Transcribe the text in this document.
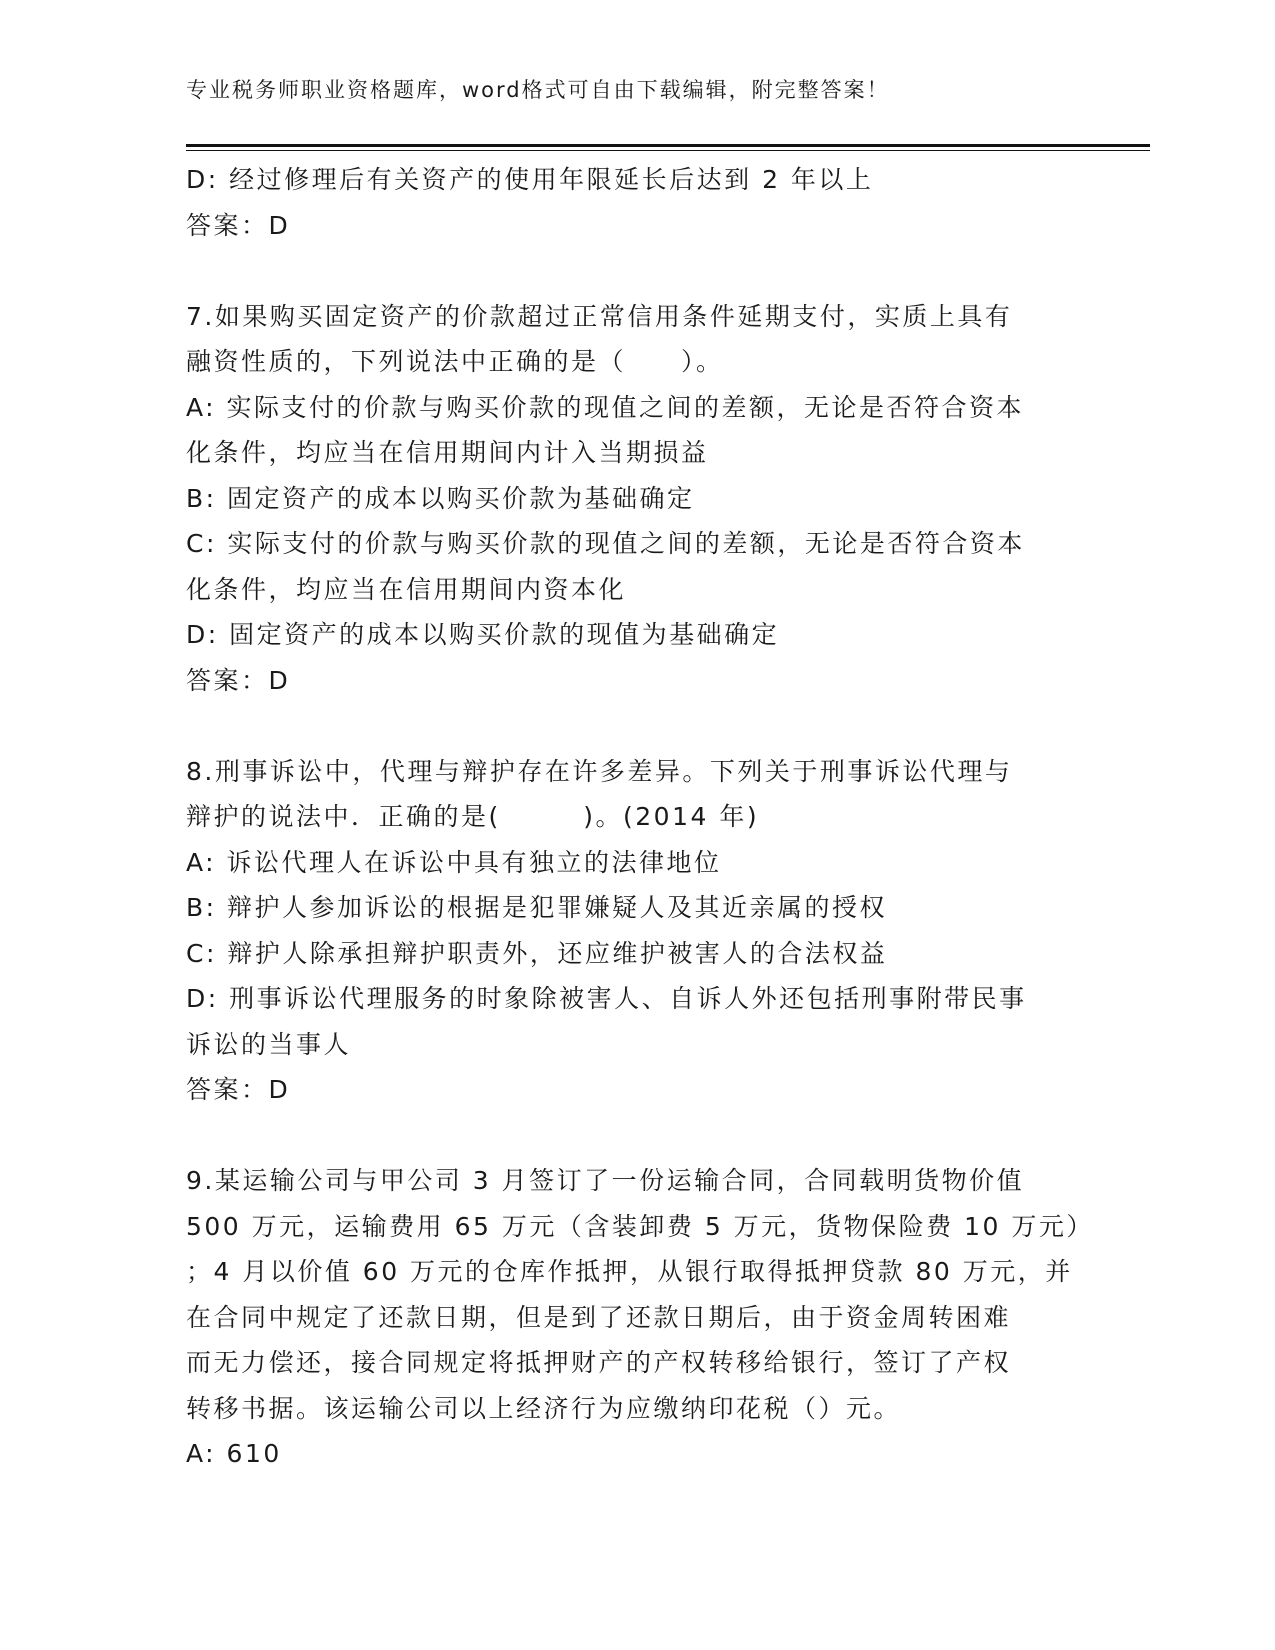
专业税务师职业资格题库，word格式可自由下载编辑，附完整答案！
D: 经过修理后有关资产的使用年限延长后达到 2 年以上
答案：D
7.如果购买固定资产的价款超过正常信用条件延期支付，实质上具有
融资性质的，下列说法中正确的是（　　）。
A: 实际支付的价款与购买价款的现值之间的差额，无论是否符合资本
化条件，均应当在信用期间内计入当期损益
B: 固定资产的成本以购买价款为基础确定
C: 实际支付的价款与购买价款的现值之间的差额，无论是否符合资本
化条件，均应当在信用期间内资本化
D: 固定资产的成本以购买价款的现值为基础确定
答案：D
8.刑事诉讼中，代理与辩护存在许多差异。下列关于刑事诉讼代理与
辩护的说法中．正确的是(　　　)。(2014 年)
A: 诉讼代理人在诉讼中具有独立的法律地位
B: 辩护人参加诉讼的根据是犯罪嫌疑人及其近亲属的授权
C: 辩护人除承担辩护职责外，还应维护被害人的合法权益
D: 刑事诉讼代理服务的时象除被害人、自诉人外还包括刑事附带民事
诉讼的当事人
答案：D
9.某运输公司与甲公司 3 月签订了一份运输合同，合同载明货物价值
500 万元，运输费用 65 万元（含装卸费 5 万元，货物保险费 10 万元）
；4 月以价值 60 万元的仓库作抵押，从银行取得抵押贷款 80 万元，并
在合同中规定了还款日期，但是到了还款日期后，由于资金周转困难
而无力偿还，接合同规定将抵押财产的产权转移给银行，签订了产权
转移书据。该运输公司以上经济行为应缴纳印花税（）元。
A: 610
